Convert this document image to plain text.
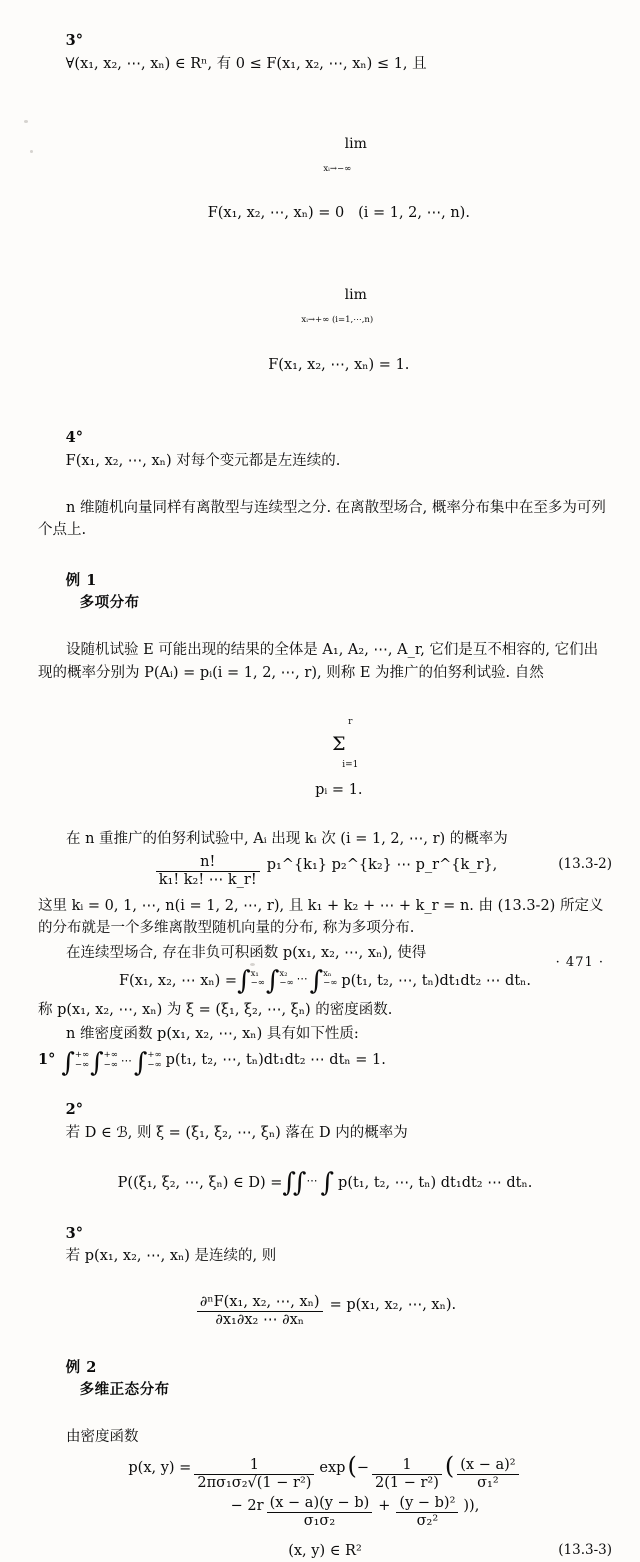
3°
∀(x₁, x₂, ⋯, xₙ) ∈ Rⁿ, 有 0 ≤ F(x₁, x₂, ⋯, xₙ) ≤ 1, 且

lim

xᵢ→−∞

F(x₁, x₂, ⋯, xₙ) = 0   (i = 1, 2, ⋯, n).

lim

xᵢ→+∞ (i=1,⋯,n)

F(x₁, x₂, ⋯, xₙ) = 1.

4°
F(x₁, x₂, ⋯, xₙ) 对每个变元都是左连续的.

n 维随机向量同样有离散型与连续型之分. 在离散型场合, 概率分布集中在至多为可列个点上.

例 1
多项分布

设随机试验 E 可能出现的结果的全体是 A₁, A₂, ⋯, A_r, 它们是互不相容的, 它们出现的概率分别为 P(Aᵢ) = pᵢ(i = 1, 2, ⋯, r), 则称 E 为推广的伯努利试验. 自然

r

Σ

i=1

pᵢ = 1.

在 n 重推广的伯努利试验中, Aᵢ 出现 kᵢ 次 (i = 1, 2, ⋯, r) 的概率为
$\frac{n!}{\text{k₁! k₂! ⋯ k\_r!}}$ p₁^{k₁} p₂^{k₂} ⋯ p_r^{k_r},	(13.3-2)
这里 kᵢ = 0, 1, ⋯, n(i = 1, 2, ⋯, r), 且 k₁ + k₂ + ⋯ + k_r = n. 由 (13.3-2) 所定义的分布就是一个多维离散型随机向量的分布, 称为多项分布.
在连续型场合, 存在非负可积函数 p(x₁, x₂, ⋯, xₙ), 使得
F(x₁, x₂, ⋯ xₙ) = ∫ x₁
−∞ ∫ x₂
−∞ ⋯ ∫ xₙ
−∞ p(t₁, t₂, ⋯, tₙ)dt₁dt₂ ⋯ dtₙ.
称 p(x₁, x₂, ⋯, xₙ) 为 ξ = (ξ₁, ξ₂, ⋯, ξₙ) 的密度函数.
n 维密度函数 p(x₁, x₂, ⋯, xₙ) 具有如下性质:
1° ∫ +∞
−∞ ∫ +∞
−∞ ⋯ ∫ +∞
−∞ p(t₁, t₂, ⋯, tₙ)dt₁dt₂ ⋯ dtₙ = 1.

2°
若 D ∈ ℬ, 则 ξ = (ξ₁, ξ₂, ⋯, ξₙ) 落在 D 内的概率为

P((ξ₁, ξ₂, ⋯, ξₙ) ∈ D) = ∫∫ ⋯ ∫ p(t₁, t₂, ⋯, tₙ) dt₁dt₂ ⋯ dtₙ.

3°
若 p(x₁, x₂, ⋯, xₙ) 是连续的, 则

$\frac{\text{∂ⁿF(x₁, x₂, ⋯, xₙ)}}{\text{∂x₁∂x₂ ⋯ ∂xₙ}} = p(x_1$, x₂, ⋯, xₙ).

例 2
多维正态分布

由密度函数
p(x, $y) = \frac{1}{\text{2πσ₁σ₂√(1 − r²)}}$ exp ( − $\frac{1}{\text{2(1 − r²)}}$ ( $\frac{\text{(x − a)²}}{\text{σ₁²}}$
− $2r \frac{(x - a)(y - b)}{\text{σ₁σ₂}} + \frac{\text{(y − b)²}}{\text{σ₂²}}$ )),
(x, y) ∈ R²	(13.3-3)
· 471 ·
